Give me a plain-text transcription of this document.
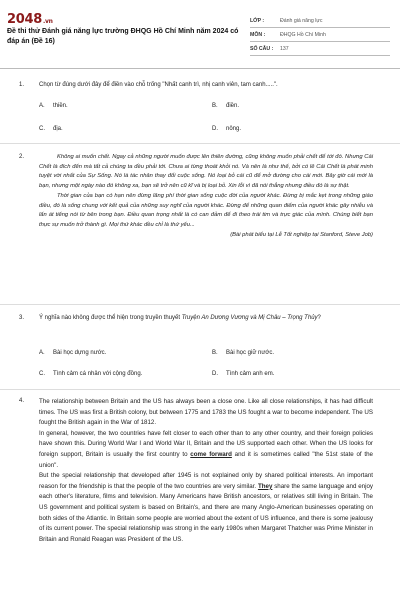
2048.vn
Đề thi thử Đánh giá năng lực trường ĐHQG Hồ Chí Minh năm 2024 có đáp án (Đề 16)
LỚP :	Đánh giá năng lực
MÔN :	ĐHQG Hồ Chí Minh
SỐ CÂU :	137
1. Chọn từ đúng dưới đây để điền vào chỗ trống "Nhất canh trì, nhị canh viên, tam canh.....".
A. thiền.	B. điền.
C. địa.	D. nông.
2.	Không ai muốn chết. Ngay cả những người muốn được lên thiên đường, cũng không muốn phải chết để tới đó. Nhưng Cái Chết là đích đến mà tất cả chúng ta đều phải tới. Chưa ai từng thoát khỏi nó. Và nên là như thế, bởi có lẽ Cái Chết là phát minh tuyệt vời nhất của Sự Sống. Nó là tác nhân thay đổi cuộc sống. Nó loại bỏ cái cũ để mở đường cho cái mới. Bây giờ cái mới là bạn, nhưng một ngày nào đó không xa, bạn sẽ trở nên cũ kĩ và bị loại bỏ. Xin lỗi vì đã nói thẳng nhưng điều đó là sự thật.

Thời gian của bạn có hạn nên đừng lãng phí thời gian sống cuộc đời của người khác. Đừng bị mắc kẹt trong những giáo điều, đó là sống chung với kết quả của những suy nghĩ của người khác. Đừng để những quan điểm của người khác gây nhiễu và lấn át tiếng nói từ bên trong bạn. Điều quan trọng nhất là có can đảm để đi theo trái tim và trực giác của mình. Chúng biết bạn thực sự muốn trở thành gì. Mọi thứ khác đều chỉ là thứ yếu...

(Bài phát biểu tại Lễ Tốt nghiệp tại Stanford, Steve Job)
3. Ý nghĩa nào không được thể hiện trong truyền thuyết Truyện An Dương Vương và Mị Châu – Trọng Thủy?
A. Bài học dựng nước.	B. Bài học giữ nước.
C. Tình cảm cá nhân với cộng đồng.	D. Tình cảm anh em.
4. The relationship between Britain and the US has always been a close one. Like all close relationships, it has had difficult times. The US was first a British colony, but between 1775 and 1783 the US fought a war to become independent. The US fought the British again in the War of 1812.

In general, however, the two countries have felt closer to each other than to any other country, and their foreign policies have shown this. During World War I and World War II, Britain and the US supported each other. When the US looks for foreign support, Britain is usually the first country to come forward and it is sometimes called "the 51st state of the union".

But the special relationship that developed after 1945 is not explained only by shared political interests. An important reason for the friendship is that the people of the two countries are very similar. They share the same language and enjoy each other's literature, films and television. Many Americans have British ancestors, or relatives still living in Britain. The US government and political system is based on Britain's, and there are many Anglo-American businesses operating on both sides of the Atlantic. In Britain some people are worried about the extent of US influence, and there is some jealousy of its current power. The special relationship was strong in the early 1980s when Margaret Thatcher was Prime Minister in Britain and Ronald Reagan was President of the US.
